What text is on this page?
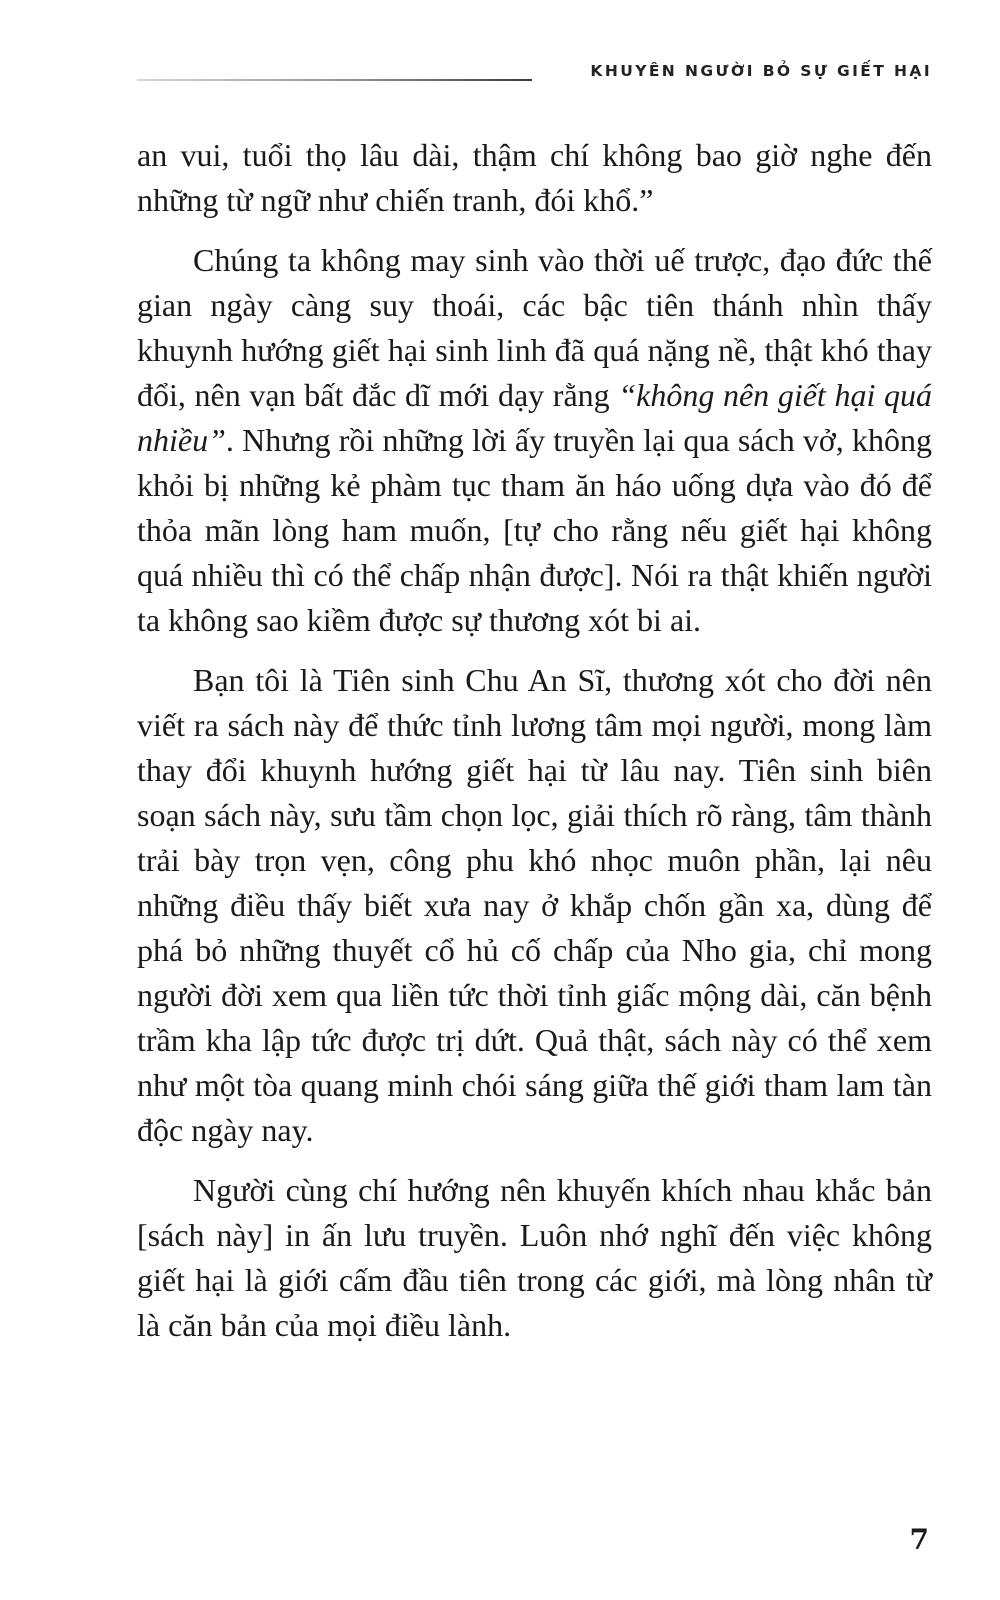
KHUYÊN NGƯỜI BỎ SỰ GIẾT HẠI

an vui, tuổi thọ lâu dài, thậm chí không bao giờ nghe đến những từ ngữ như chiến tranh, đói khổ.”

Chúng ta không may sinh vào thời uế trược, đạo đức thế gian ngày càng suy thoái, các bậc tiên thánh nhìn thấy khuynh hướng giết hại sinh linh đã quá nặng nề, thật khó thay đổi, nên vạn bất đắc dĩ mới dạy rằng “không nên giết hại quá nhiều”. Nhưng rồi những lời ấy truyền lại qua sách vở, không khỏi bị những kẻ phàm tục tham ăn háo uống dựa vào đó để thỏa mãn lòng ham muốn, [tự cho rằng nếu giết hại không quá nhiều thì có thể chấp nhận được]. Nói ra thật khiến người ta không sao kiềm được sự thương xót bi ai.

Bạn tôi là Tiên sinh Chu An Sĩ, thương xót cho đời nên viết ra sách này để thức tỉnh lương tâm mọi người, mong làm thay đổi khuynh hướng giết hại từ lâu nay. Tiên sinh biên soạn sách này, sưu tầm chọn lọc, giải thích rõ ràng, tâm thành trải bày trọn vẹn, công phu khó nhọc muôn phần, lại nêu những điều thấy biết xưa nay ở khắp chốn gần xa, dùng để phá bỏ những thuyết cổ hủ cố chấp của Nho gia, chỉ mong người đời xem qua liền tức thời tỉnh giấc mộng dài, căn bệnh trầm kha lập tức được trị dứt. Quả thật, sách này có thể xem như một tòa quang minh chói sáng giữa thế giới tham lam tàn độc ngày nay.

Người cùng chí hướng nên khuyến khích nhau khắc bản [sách này] in ấn lưu truyền. Luôn nhớ nghĩ đến việc không giết hại là giới cấm đầu tiên trong các giới, mà lòng nhân từ là căn bản của mọi điều lành.

7
